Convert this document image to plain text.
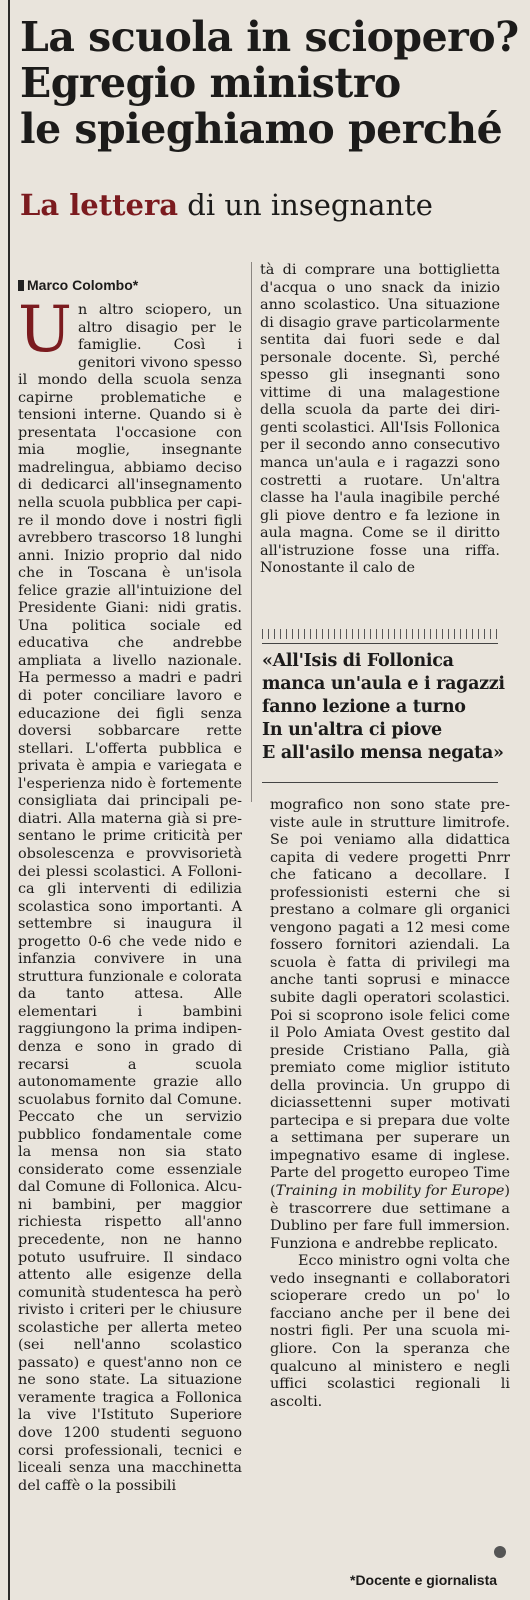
La scuola in sciopero?
Egregio ministro
le spieghiamo perché
La lettera di un insegnante
Marco Colombo*

Un altro sciopero, un altro disagio per le famiglie. Così i genitori vivono spesso il mondo della scuola senza capirne problematiche e tensioni interne. Quando si è presentata l'occasione con mia moglie, insegnante madrelingua, abbiamo deciso di dedicarci all'insegnamento nella scuola pubblica per capire il mondo dove i nostri figli avrebbero trascorso 18 lunghi anni. Inizio proprio dal nido che in Toscana è un'isola felice grazie all'intuizione del Presidente Giani: nidi gratis. Una politica sociale ed educativa che andrebbe ampliata a livello nazionale. Ha permesso a madri e padri di poter conciliare lavoro e educazione dei figli senza doversi sobbarcare rette stellari. L'offerta pubblica e privata è ampia e variegata e l'esperienza nido è fortemente consigliata dai principali pediatri. Alla materna già si presentano le prime criticità per obsolescenza e provvisorietà dei plessi scolastici. A Follonica gli interventi di edilizia scolastica sono importanti. A settembre si inaugura il progetto 0-6 che vede nido e infanzia convivere in una struttura funzionale e colorata da tanto attesa. Alle elementari i bambini raggiungono la prima indipendenza e sono in grado di recarsi a scuola autonomamente grazie allo scuolabus fornito dal Comune. Peccato che un servizio pubblico fondamentale come la mensa non sia stato considerato come essenziale dal Comune di Follonica. Alcuni bambini, per maggior richiesta rispetto all'anno precedente, non ne hanno potuto usufruire. Il sindaco attento alle esigenze della comunità studentesca ha però rivisto i criteri per le chiusure scolastiche per allerta meteo (sei nell'anno scolastico passato) e quest'anno non ce ne sono state. La situazione veramente tragica a Follonica la vive l'Istituto Superiore dove 1200 studenti seguono corsi professionali, tecnici e liceali senza una macchinetta del caffè o la possibili

tà di comprare una bottiglietta d'acqua o uno snack da inizio anno scolastico. Una situazione di disagio grave particolarmente sentita dai fuori sede e dal personale docente. Sì, perché spesso gli insegnanti sono vittime di una malagestione della scuola da parte dei dirigenti scolastici. All'Isis Follonica per il secondo anno consecutivo manca un'aula e i ragazzi sono costretti a ruotare. Un'altra classe ha l'aula inagibile perché gli piove dentro e fa lezione in aula magna. Come se il diritto all'istruzione fosse una riffa. Nonostante il calo de

«All'Isis di Follonica
manca un'aula e i ragazzi
fanno lezione a turno
In un'altra ci piove
E all'asilo mensa negata»

mografico non sono state previste aule in strutture limitrofe. Se poi veniamo alla didattica capita di vedere progetti Pnrr che faticano a decollare. I professionisti esterni che si prestano a colmare gli organici vengono pagati a 12 mesi come fossero fornitori aziendali. La scuola è fatta di privilegi ma anche tanti soprusi e minacce subite dagli operatori scolastici. Poi si scoprono isole felici come il Polo Amiata Ovest gestito dal preside Cristiano Palla, già premiato come miglior istituto della provincia. Un gruppo di diciassettenni super motivati partecipa e si prepara due volte a settimana per superare un impegnativo esame di inglese. Parte del progetto europeo Time (Training in mobility for Europe) è trascorrere due settimane a Dublino per fare full immersion. Funziona e andrebbe replicato.

Ecco ministro ogni volta che vedo insegnanti e collaboratori scioperare credo un po' lo facciano anche per il bene dei nostri figli. Per una scuola migliore. Con la speranza che qualcuno al ministero e negli uffici scolastici regionali li ascolti.

*Docente e giornalista
